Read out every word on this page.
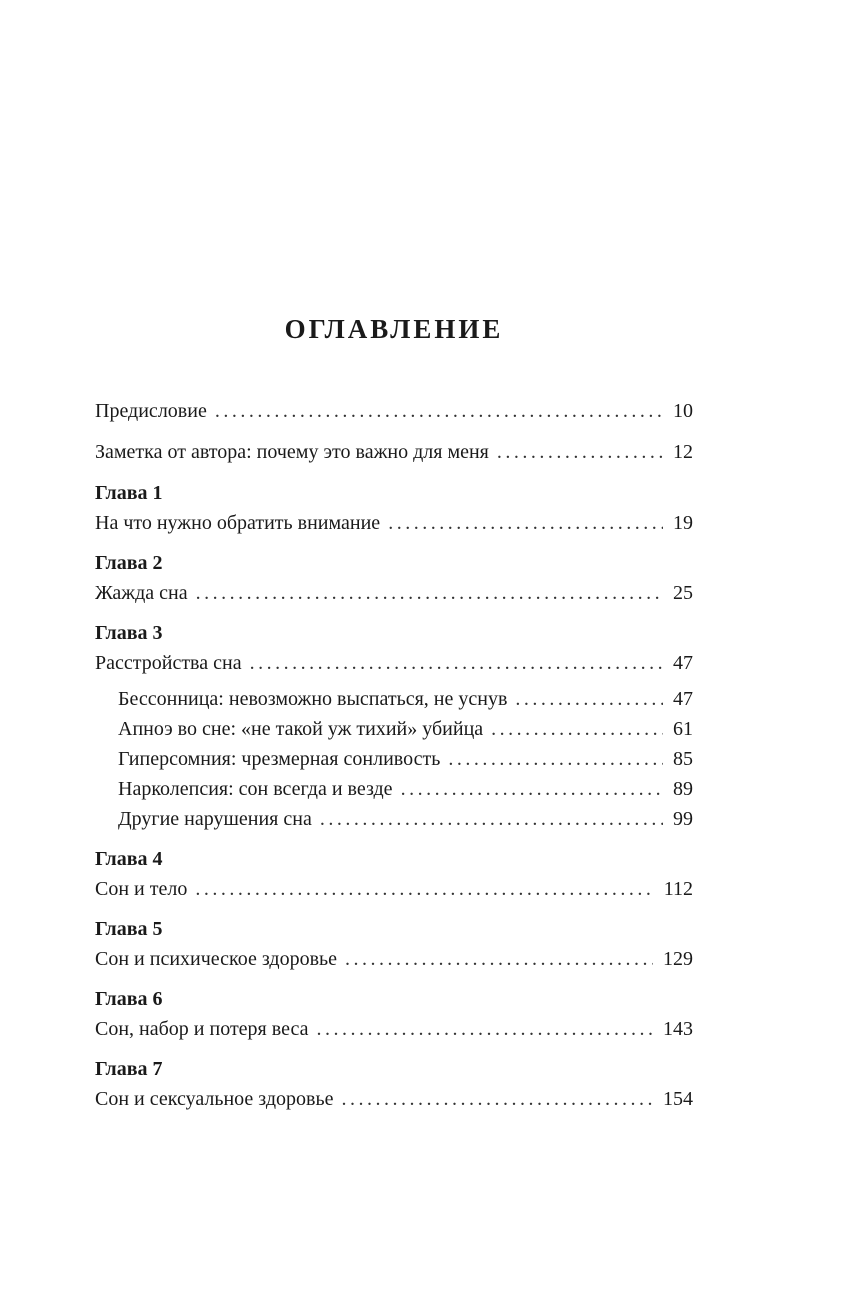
ОГЛАВЛЕНИЕ
Предисловие . . .	10
Заметка от автора: почему это важно для меня . . .	12
Глава 1
На что нужно обратить внимание . . .	19
Глава 2
Жажда сна . . .	25
Глава 3
Расстройства сна . . .	47
Бессонница: невозможно выспаться, не уснув . . .	47
Апноэ во сне: «не такой уж тихий» убийца . . .	61
Гиперсомния: чрезмерная сонливость . . .	85
Нарколепсия: сон всегда и везде . . .	89
Другие нарушения сна . . .	99
Глава 4
Сон и тело . . .	112
Глава 5
Сон и психическое здоровье . . .	129
Глава 6
Сон, набор и потеря веса . . .	143
Глава 7
Сон и сексуальное здоровье . . .	154
